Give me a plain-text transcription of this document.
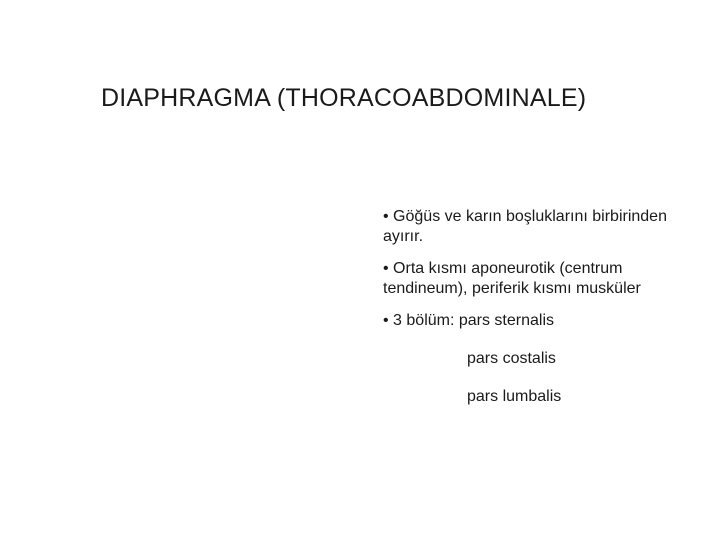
DIAPHRAGMA (THORACOABDOMINALE)

• Göğüs ve karın boşluklarını birbirinden ayırır.

• Orta kısmı aponeurotik (centrum tendineum), periferik kısmı musküler

• 3 bölüm: pars sternalis

pars costalis

pars lumbalis
